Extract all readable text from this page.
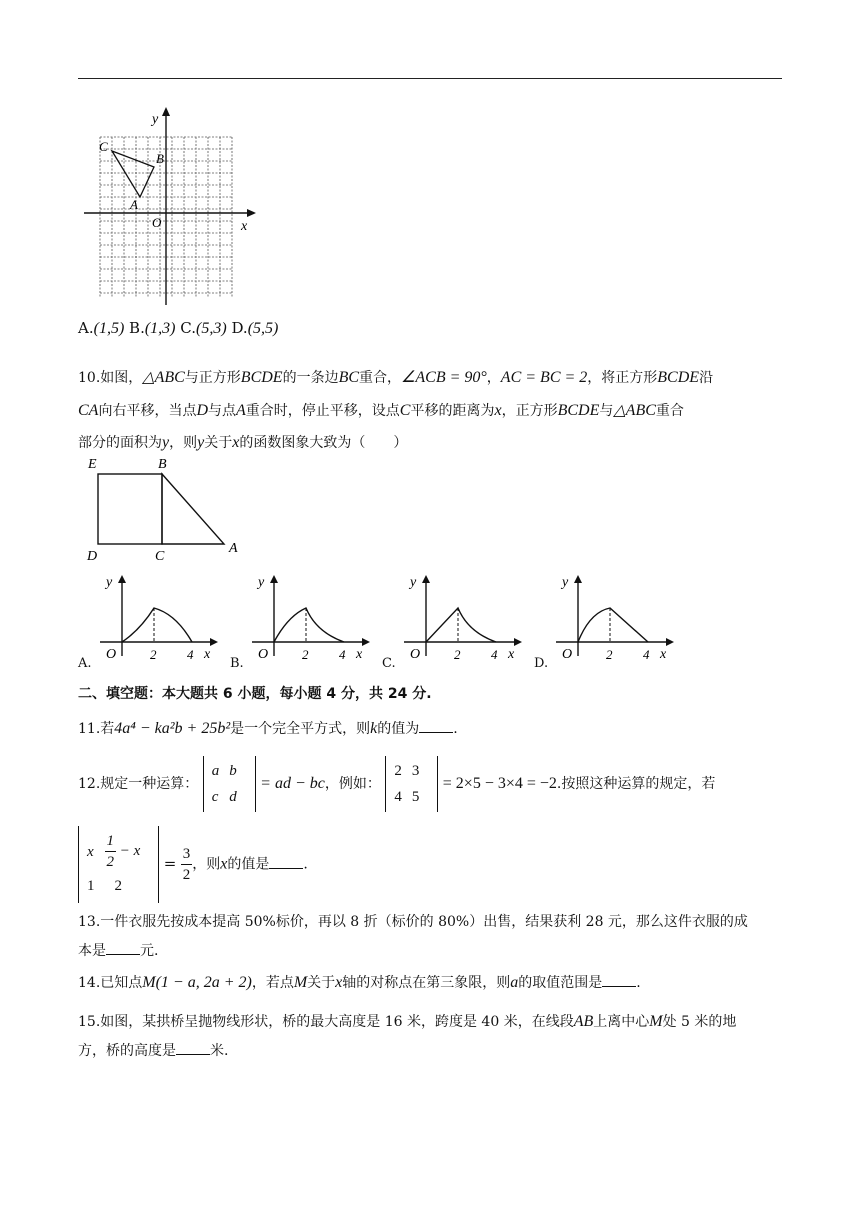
y
x
O
C
B
A
A.(1,5) B.(1,3) C.(5,3) D.(5,5)
10.如图，△ABC与正方形BCDE的一条边BC重合，∠ACB = 90°，AC = BC = 2，将正方形BCDE沿
CA向右平移，当点D与点A重合时，停止平移，设点C平移的距离为x，正方形BCDE与△ABC重合
部分的面积为y，则y关于x的函数图象大致为（　　）
E	B
D	C
A
y
O	2 4 x
A.
y
O	2 4 x
B.
y
O	2 4 x
C.
y
O	2 4 x
D.
二、填空题：本大题共 6 小题，每小题 4 分，共 24 分.
11.若4a⁴ − ka²b + 25b²是一个完全平方式，则k的值为 .
12.规定一种运算：
a	b
c	d
= ad − bc，例如：
2	3
4	5
= 2×5 − 3×4 = −2.按照这种运算的规定，若
x	$\frac{1}{2} - x$
1	2
= $\frac{3}{2}$ ，则x的值是 .
13.一件衣服先按成本提高 50%标价，再以 8 折（标价的 80%）出售，结果获利 28 元，那么这件衣服的成
本是 元.
14.已知点M(1 − a, 2a + 2)，若点M关于x轴的对称点在第三象限，则a的取值范围是 .
15.如图，某拱桥呈抛物线形状，桥的最大高度是 16 米，跨度是 40 米，在线段AB上离中心M处 5 米的地
方，桥的高度是 米.
